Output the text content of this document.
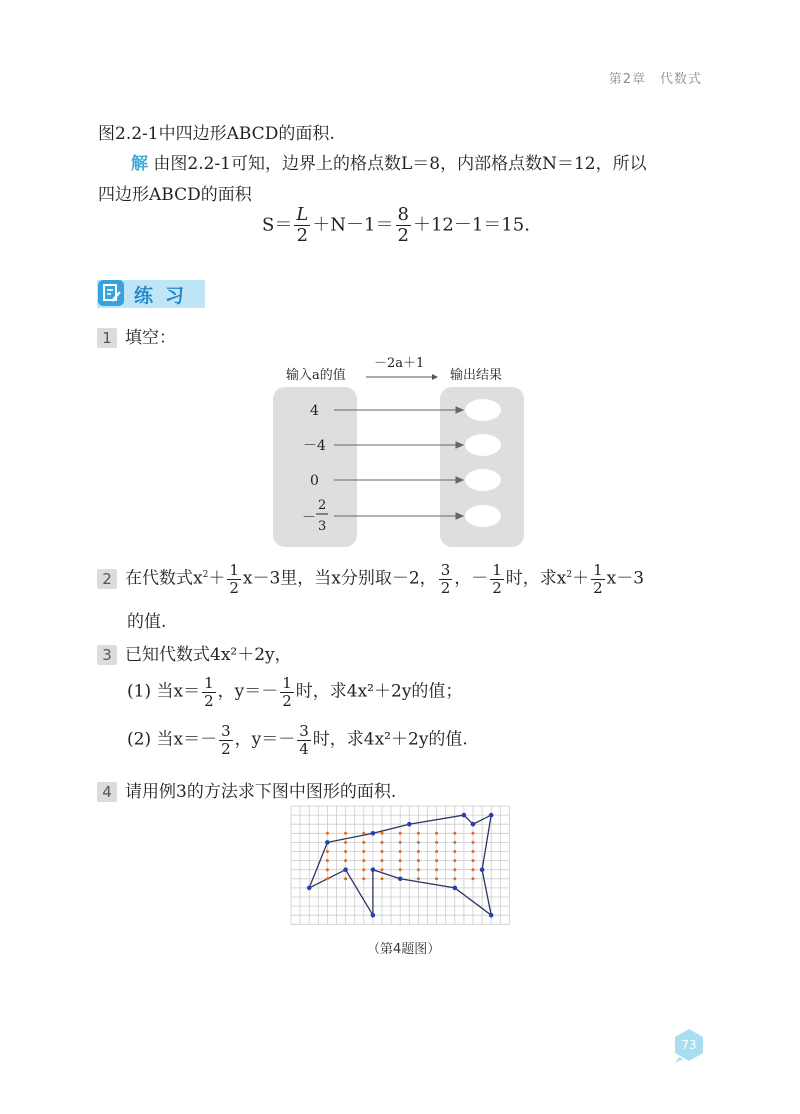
第2章　代数式
图2.2-1中四边形ABCD的面积.
解 由图2.2-1可知，边界上的格点数L＝8，内部格点数N＝12，所以
四边形ABCD的面积
$S= \frac{L}{2} +N-1= \frac{8}{2} +12-1=15$.
练习
1 填空：
输入a的值	输出结果
－2a＋1
4
－4
0
－
2
3
2 在代数式$x^2+ \frac{1}{2} x-3$里，当x分别取－2， $\frac{3}{2}$ ，－ $\frac{1}{2}$ 时，求$x^2+ \frac{1}{2} x-3$
的值.
3 已知代数式4x²＋2y，
(1) 当$x= \frac{1}{2}$ ，$y=- \frac{1}{2}$ 时，求4x²＋2y的值；
(2) 当$x=- \frac{3}{2}$ ，$y=- \frac{3}{4}$ 时，求4x²＋2y的值.
4 请用例3的方法求下图中图形的面积.
（第4题图）
73
